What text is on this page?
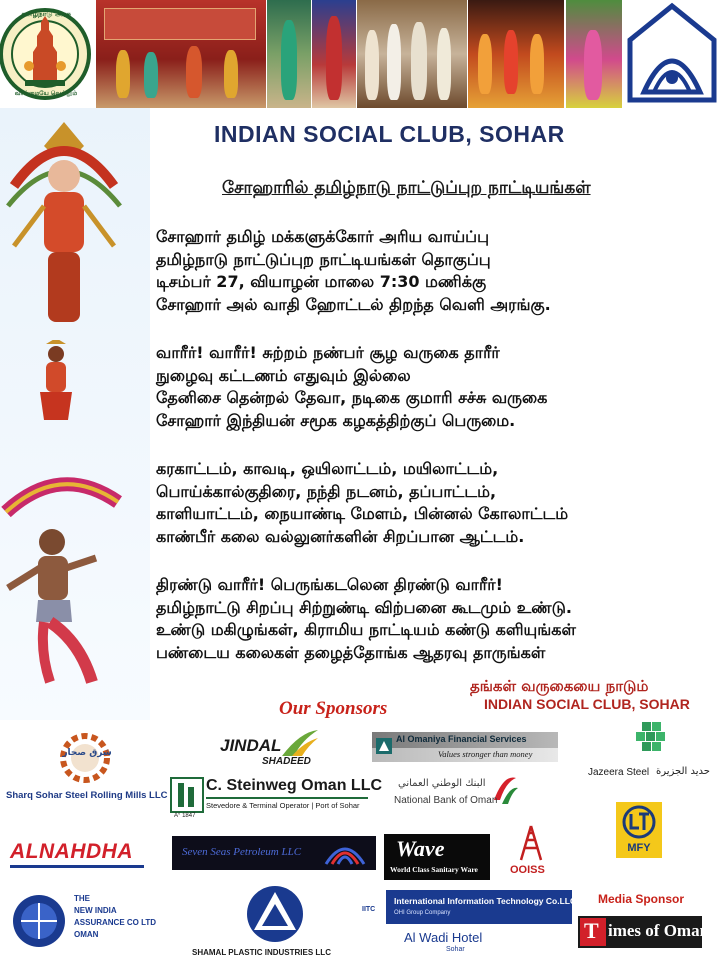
தமிழ்நாடு அரசு
வாய்மையே வெல்லும்
INDIAN SOCIAL CLUB, SOHAR
சோஹாரில் தமிழ்நாடு நாட்டுப்புற நாட்டியங்கள்
சோஹார் தமிழ் மக்களுக்கோர் அரிய வாய்ப்பு
தமிழ்நாடு நாட்டுப்புற நாட்டியங்கள் தொகுப்பு
டிசம்பர் 27, வியாழன் மாலை 7:30 மணிக்கு
சோஹார் அல் வாதி ஹோட்டல் திறந்த வெளி அரங்கு.
வாரீர்! வாரீர்! சுற்றம் நண்பர் சூழ வருகை தாரீர்
நுழைவு கட்டணம் எதுவும் இல்லை
தேனிசை தென்றல் தேவா, நடிகை குமாரி சச்சு வருகை
சோஹார் இந்தியன் சமூக கழகத்திற்குப் பெருமை.
கரகாட்டம், காவடி, ஒயிலாட்டம், மயிலாட்டம்,
பொய்க்கால்குதிரை, நந்தி நடனம், தப்பாட்டம்,
காளியாட்டம், நையாண்டி மேளம், பின்னல் கோலாட்டம்
காண்பீர் கலை வல்லுனர்களின் சிறப்பான ஆட்டம்.
திரண்டு வாரீர்! பெருங்கடலென திரண்டு வாரீர்!
தமிழ்நாட்டு சிறப்பு சிற்றுண்டி விற்பனை கூடமும் உண்டு.
உண்டு மகிழுங்கள், கிராமிய நாட்டியம் கண்டு களியுங்கள்
பண்டைய கலைகள் தழைத்தோங்க ஆதரவு தாருங்கள்
தங்கள் வருகையை நாடும்
INDIAN SOCIAL CLUB, SOHAR
Our Sponsors
شرق صحار
Sharq Sohar Steel Rolling Mills LLC
JINDAL
SHADEED
Al Omaniya Financial Services
Values stronger than money
Jazeera Steel حديد الجزيرة
C. Steinweg Oman LLC
Stevedore & Terminal Operator | Port of Sohar
A° 1847
البنك الوطني العماني
National Bank of Oman
MFY
ALNAHDHA	Seven Seas Petroleum LLC	Wave
World Class Sanitary Ware	OOISS
THE
NEW INDIA
ASSURANCE CO LTD
OMAN
SHAMAL PLASTIC INDUSTRIES LLC
IITC
International Information Technology Co.LLC
OHI Group Company
Al Wadi Hotel
Sohar
Media Sponsor
T imes of Oman
